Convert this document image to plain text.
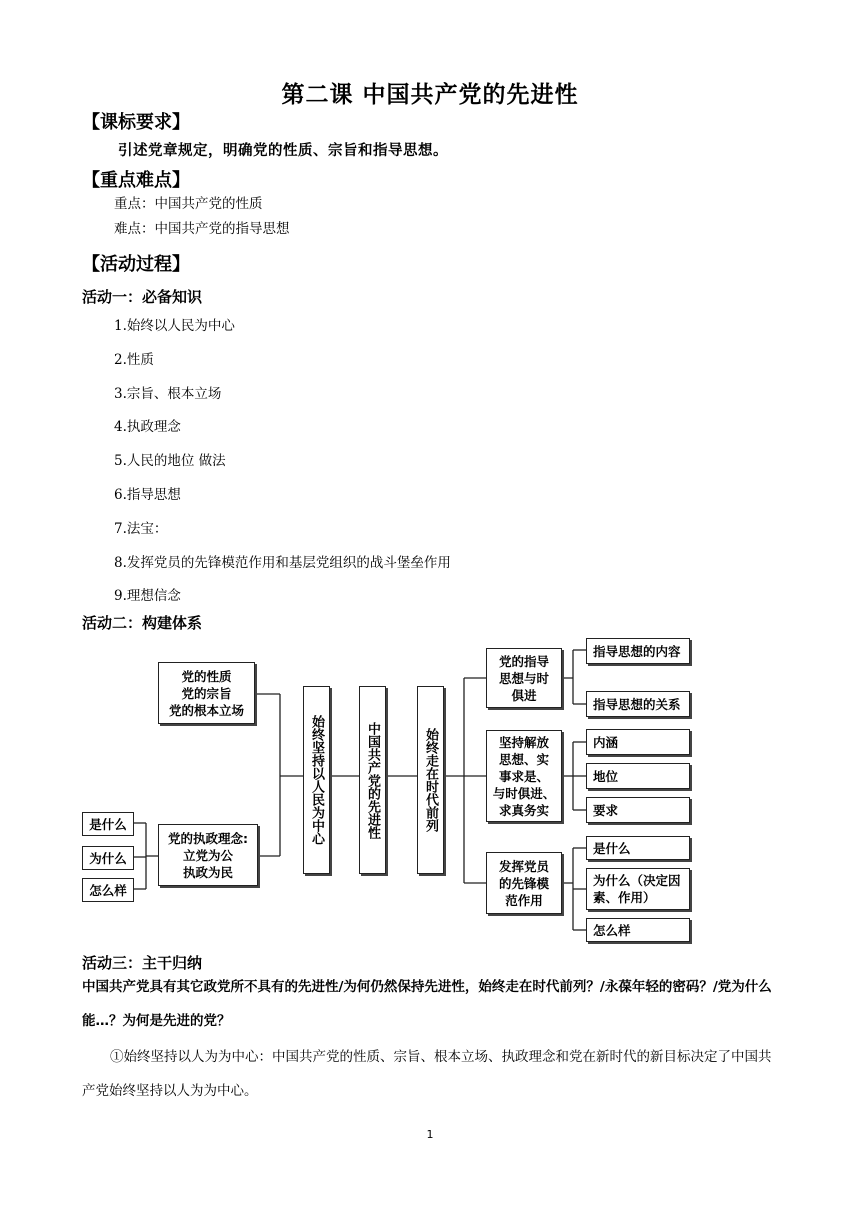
第二课 中国共产党的先进性
【课标要求】
引述党章规定，明确党的性质、宗旨和指导思想。
【重点难点】
重点：中国共产党的性质
难点：中国共产党的指导思想
【活动过程】
活动一：必备知识
1.始终以人民为中心
2.性质
3.宗旨、根本立场
4.执政理念
5.人民的地位 做法
6.指导思想
7.法宝：
8.发挥党员的先锋模范作用和基层党组织的战斗堡垒作用
9.理想信念
活动二：构建体系
党的性质
党的宗旨
党的根本立场
是什么
为什么
怎么样
党的执政理念:
立党为公
执政为民
始终坚持以人民为中心	中国共产党的先进性	始终走在时代前列
党的指导
思想与时
俱进
坚持解放
思想、实
事求是、
与时俱进、
求真务实
发挥党员
的先锋模
范作用
指导思想的内容
指导思想的关系
内涵
地位
要求
是什么
为什么（决定因素、作用）
怎么样
活动三：主干归纳
中国共产党具有其它政党所不具有的先进性/为何仍然保持先进性，始终走在时代前列？/永葆年轻的密码？/党为什么能…？为何是先进的党？
①始终坚持以人为为中心：中国共产党的性质、宗旨、根本立场、执政理念和党在新时代的新目标决定了中国共产党始终坚持以人为为中心。
1
